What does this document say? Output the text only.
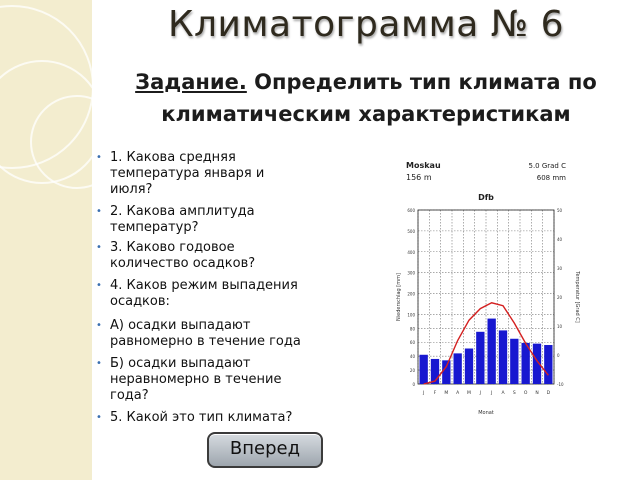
Климатограмма № 6
Задание. Определить тип климата по
климатическим характеристикам
• 1. Какова средняя
температура января и
июля?
• 2. Какова амплитуда
температур?
• 3. Каково годовое
количество осадков?
• 4. Каков режим выпадения
осадков:
• А) осадки выпадают
равномерно в течение года
• Б) осадки выпадают
неравномерно в течение
года?
• 5. Какой это тип климата?
Вперед
Moskau
156 m
5.0 Grad C
608 mm
Dfb
0
20
40
60
80
100
200
300
400
500
600
-10
0
10
20
30
40
50
J F M A M J J A S O N D
Monat
Niederschlag [mm]	Temperatur [Grad C]
